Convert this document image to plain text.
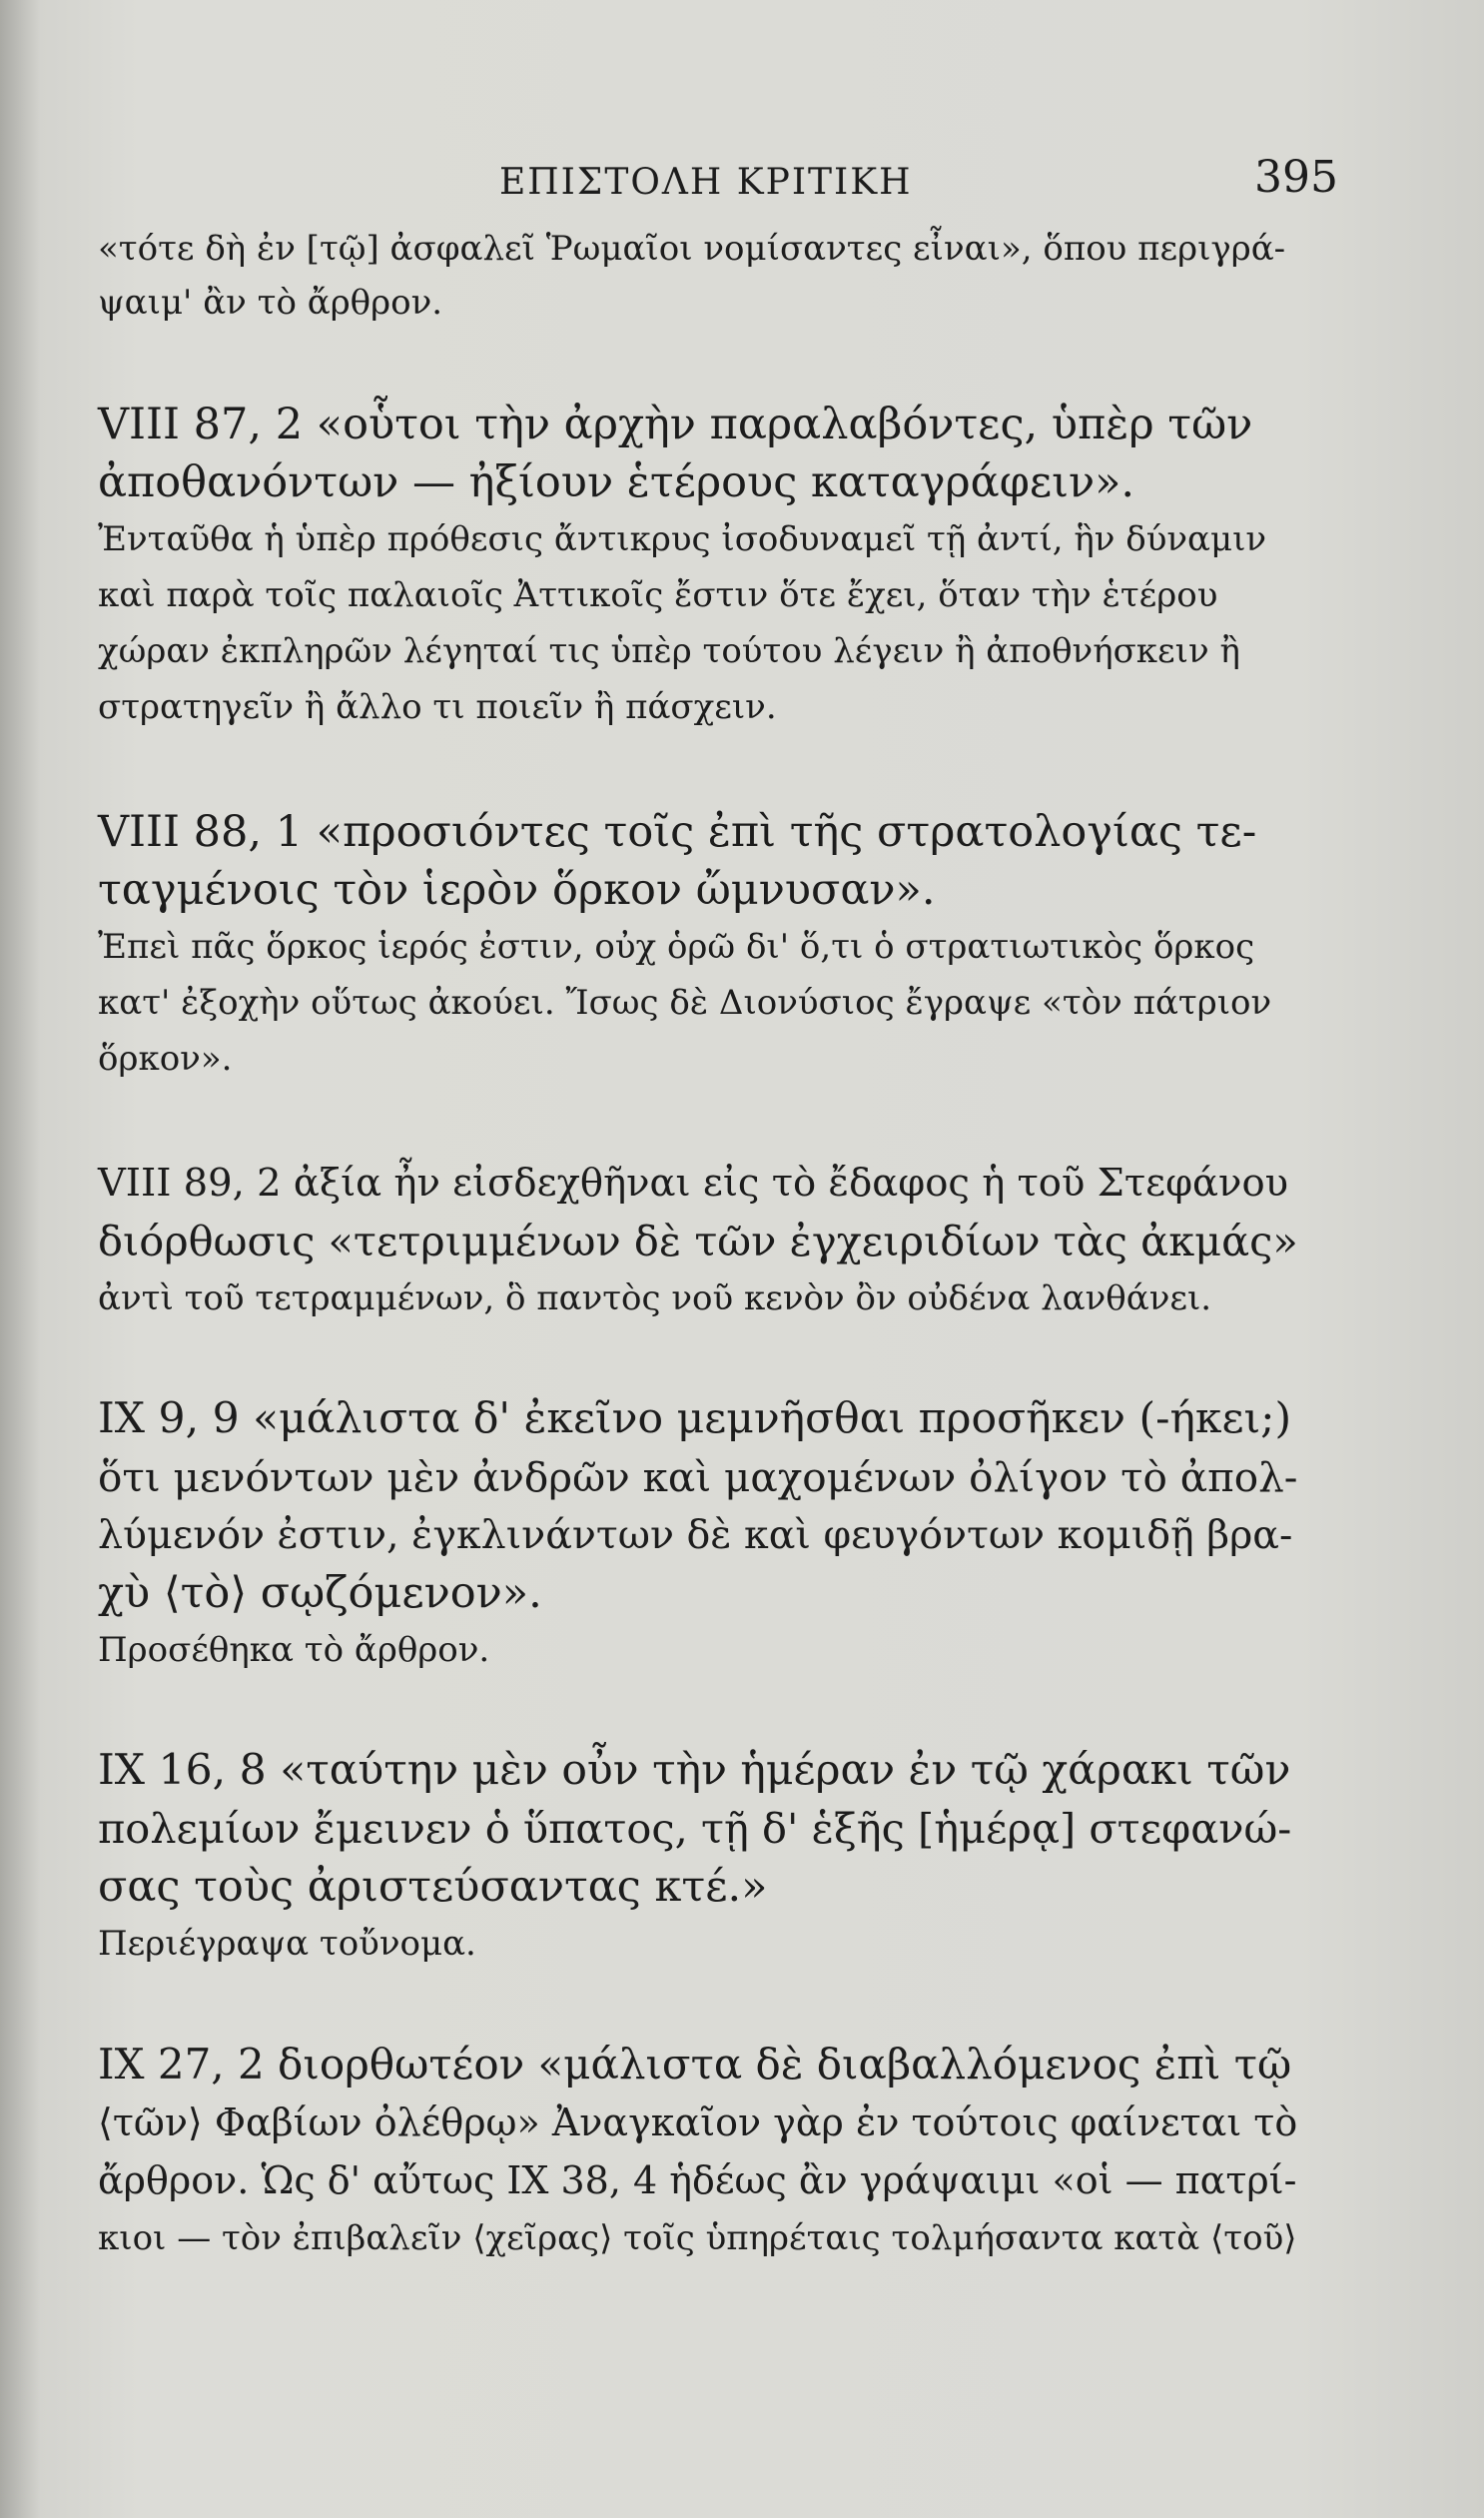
ΕΠΙΣΤΟΛΗ ΚΡΙΤΙΚΗ	395

«τότε δὴ ἐν [τῷ] ἀσφαλεῖ Ῥωμαῖοι νομίσαντες εἶναι», ὅπου περιγρά-

ψαιμ' ἂν τὸ ἄρθρον.

VIII 87, 2 «οὗτοι τὴν ἀρχὴν παραλαβόντες, ὑπὲρ τῶν

ἀποθανόντων — ἠξίουν ἑτέρους καταγράφειν».

Ἐνταῦθα ἡ ὑπὲρ πρόθεσις ἄντικρυς ἰσοδυναμεῖ τῇ ἀντί, ἣν δύναμιν

καὶ παρὰ τοῖς παλαιοῖς Ἀττικοῖς ἔστιν ὅτε ἔχει, ὅταν τὴν ἑτέρου

χώραν ἐκπληρῶν λέγηταί τις ὑπὲρ τούτου λέγειν ἢ ἀποθνήσκειν ἢ

στρατηγεῖν ἢ ἄλλο τι ποιεῖν ἢ πάσχειν.

VIII 88, 1 «προσιόντες τοῖς ἐπὶ τῆς στρατολογίας τε-

ταγμένοις τὸν ἱερὸν ὅρκον ὤμνυσαν».

Ἐπεὶ πᾶς ὅρκος ἱερός ἐστιν, οὐχ ὁρῶ δι' ὅ,τι ὁ στρατιωτικὸς ὅρκος

κατ' ἐξοχὴν οὕτως ἀκούει. Ἴσως δὲ Διονύσιος ἔγραψε «τὸν πάτριον

ὅρκον».

VIII 89, 2 ἀξία ἦν εἰσδεχθῆναι εἰς τὸ ἔδαφος ἡ τοῦ Στεφάνου

διόρθωσις «τετριμμένων δὲ τῶν ἐγχειριδίων τὰς ἀκμάς»

ἀντὶ τοῦ τετραμμένων, ὃ παντὸς νοῦ κενὸν ὂν οὐδένα λανθάνει.

IX 9, 9 «μάλιστα δ' ἐκεῖνο μεμνῆσθαι προσῆκεν (-ήκει;)

ὅτι μενόντων μὲν ἀνδρῶν καὶ μαχομένων ὀλίγον τὸ ἀπολ-

λύμενόν ἐστιν, ἐγκλινάντων δὲ καὶ φευγόντων κομιδῇ βρα-

χὺ ⟨τὸ⟩ σῳζόμενον».

Προσέθηκα τὸ ἄρθρον.

IX 16, 8 «ταύτην μὲν οὖν τὴν ἡμέραν ἐν τῷ χάρακι τῶν

πολεμίων ἔμεινεν ὁ ὕπατος, τῇ δ' ἑξῆς [ἡμέρᾳ] στεφανώ-

σας τοὺς ἀριστεύσαντας κτέ.»

Περιέγραψα τοὔνομα.

IX 27, 2 διορθωτέον «μάλιστα δὲ διαβαλλόμενος ἐπὶ τῷ

⟨τῶν⟩ Φαβίων ὀλέθρῳ» Ἀναγκαῖον γὰρ ἐν τούτοις φαίνεται τὸ

ἄρθρον. Ὡς δ' αὔτως IX 38, 4 ἡδέως ἂν γράψαιμι «οἱ — πατρί-

κιοι — τὸν ἐπιβαλεῖν ⟨χεῖρας⟩ τοῖς ὑπηρέταις τολμήσαντα κατὰ ⟨τοῦ⟩
